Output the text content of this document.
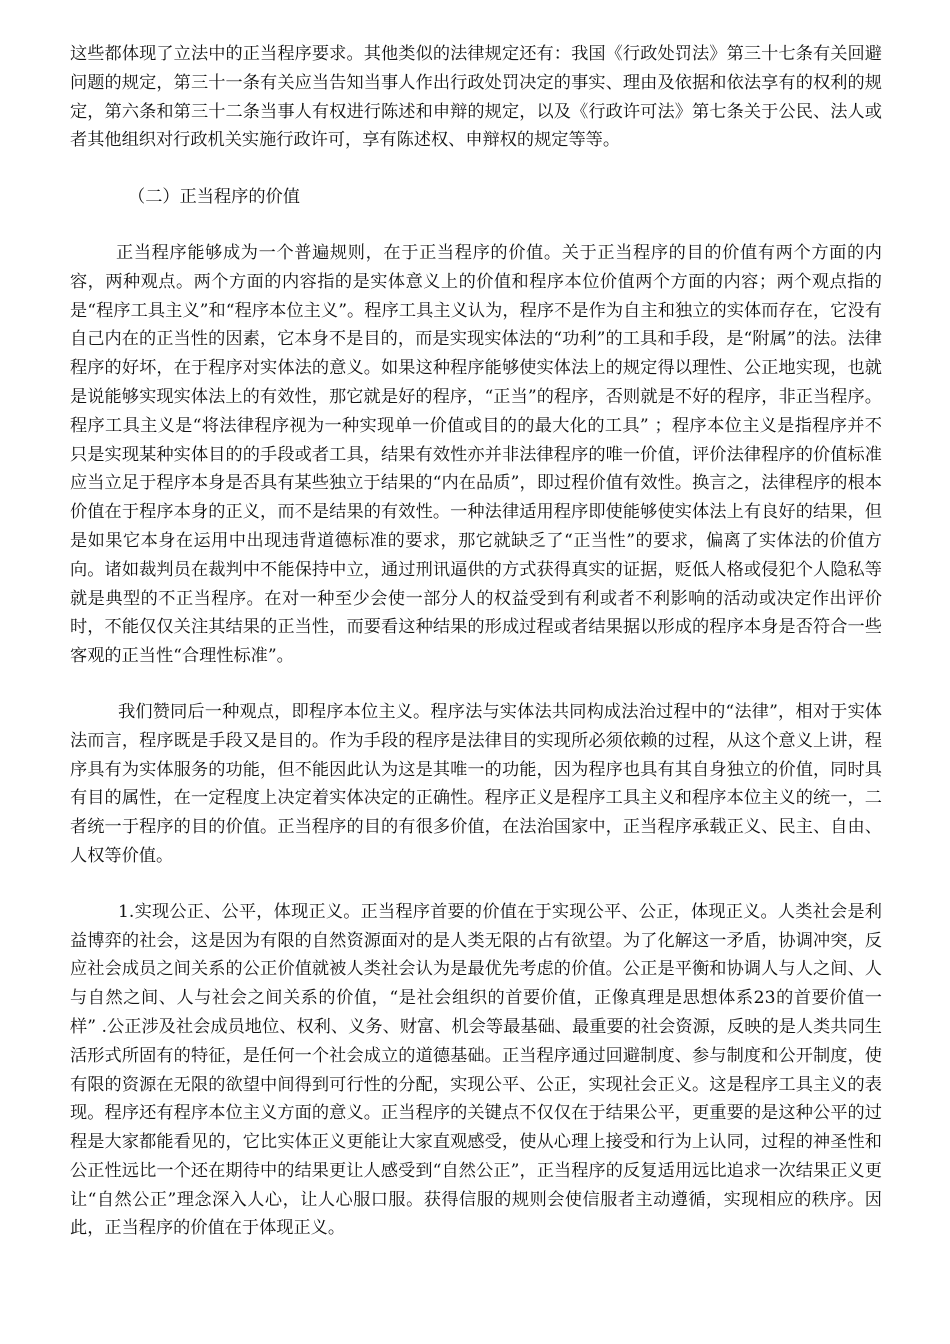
这些都体现了立法中的正当程序要求。其他类似的法律规定还有：我国《行政处罚法》第三十七条有关回避问题的规定，第三十一条有关应当告知当事人作出行政处罚决定的事实、理由及依据和依法享有的权利的规定，第六条和第三十二条当事人有权进行陈述和申辩的规定，以及《行政许可法》第七条关于公民、法人或者其他组织对行政机关实施行政许可，享有陈述权、申辩权的规定等等。

（二）正当程序的价值

正当程序能够成为一个普遍规则，在于正当程序的价值。关于正当程序的目的价值有两个方面的内容，两种观点。两个方面的内容指的是实体意义上的价值和程序本位价值两个方面的内容；两个观点指的是“程序工具主义”和“程序本位主义”。程序工具主义认为，程序不是作为自主和独立的实体而存在，它没有自己内在的正当性的因素，它本身不是目的，而是实现实体法的“功利”的工具和手段，是“附属”的法。法律程序的好坏，在于程序对实体法的意义。如果这种程序能够使实体法上的规定得以理性、公正地实现，也就是说能够实现实体法上的有效性，那它就是好的程序，“正当”的程序，否则就是不好的程序，非正当程序。程序工具主义是“将法律程序视为一种实现单一价值或目的的最大化的工具” ；程序本位主义是指程序并不只是实现某种实体目的的手段或者工具，结果有效性亦并非法律程序的唯一价值，评价法律程序的价值标准应当立足于程序本身是否具有某些独立于结果的“内在品质”，即过程价值有效性。换言之，法律程序的根本价值在于程序本身的正义，而不是结果的有效性。一种法律适用程序即使能够使实体法上有良好的结果，但是如果它本身在运用中出现违背道德标准的要求，那它就缺乏了“正当性”的要求，偏离了实体法的价值方向。诸如裁判员在裁判中不能保持中立，通过刑讯逼供的方式获得真实的证据，贬低人格或侵犯个人隐私等就是典型的不正当程序。在对一种至少会使一部分人的权益受到有利或者不利影响的活动或决定作出评价时，不能仅仅关注其结果的正当性，而要看这种结果的形成过程或者结果据以形成的程序本身是否符合一些客观的正当性“合理性标准”。

我们赞同后一种观点，即程序本位主义。程序法与实体法共同构成法治过程中的“法律”，相对于实体法而言，程序既是手段又是目的。作为手段的程序是法律目的实现所必须依赖的过程，从这个意义上讲，程序具有为实体服务的功能，但不能因此认为这是其唯一的功能，因为程序也具有其自身独立的价值，同时具有目的属性，在一定程度上决定着实体决定的正确性。程序正义是程序工具主义和程序本位主义的统一，二者统一于程序的目的价值。正当程序的目的有很多价值，在法治国家中，正当程序承载正义、民主、自由、人权等价值。

1.实现公正、公平，体现正义。正当程序首要的价值在于实现公平、公正，体现正义。人类社会是利益博弈的社会，这是因为有限的自然资源面对的是人类无限的占有欲望。为了化解这一矛盾，协调冲突，反应社会成员之间关系的公正价值就被人类社会认为是最优先考虑的价值。公正是平衡和协调人与人之间、人与自然之间、人与社会之间关系的价值，“是社会组织的首要价值，正像真理是思想体系23的首要价值一样” .公正涉及社会成员地位、权利、义务、财富、机会等最基础、最重要的社会资源，反映的是人类共同生活形式所固有的特征，是任何一个社会成立的道德基础。正当程序通过回避制度、参与制度和公开制度，使有限的资源在无限的欲望中间得到可行性的分配，实现公平、公正，实现社会正义。这是程序工具主义的表现。程序还有程序本位主义方面的意义。正当程序的关键点不仅仅在于结果公平，更重要的是这种公平的过程是大家都能看见的，它比实体正义更能让大家直观感受，使从心理上接受和行为上认同，过程的神圣性和公正性远比一个还在期待中的结果更让人感受到“自然公正”，正当程序的反复适用远比追求一次结果正义更让“自然公正”理念深入人心，让人心服口服。获得信服的规则会使信服者主动遵循，实现相应的秩序。因此，正当程序的价值在于体现正义。
